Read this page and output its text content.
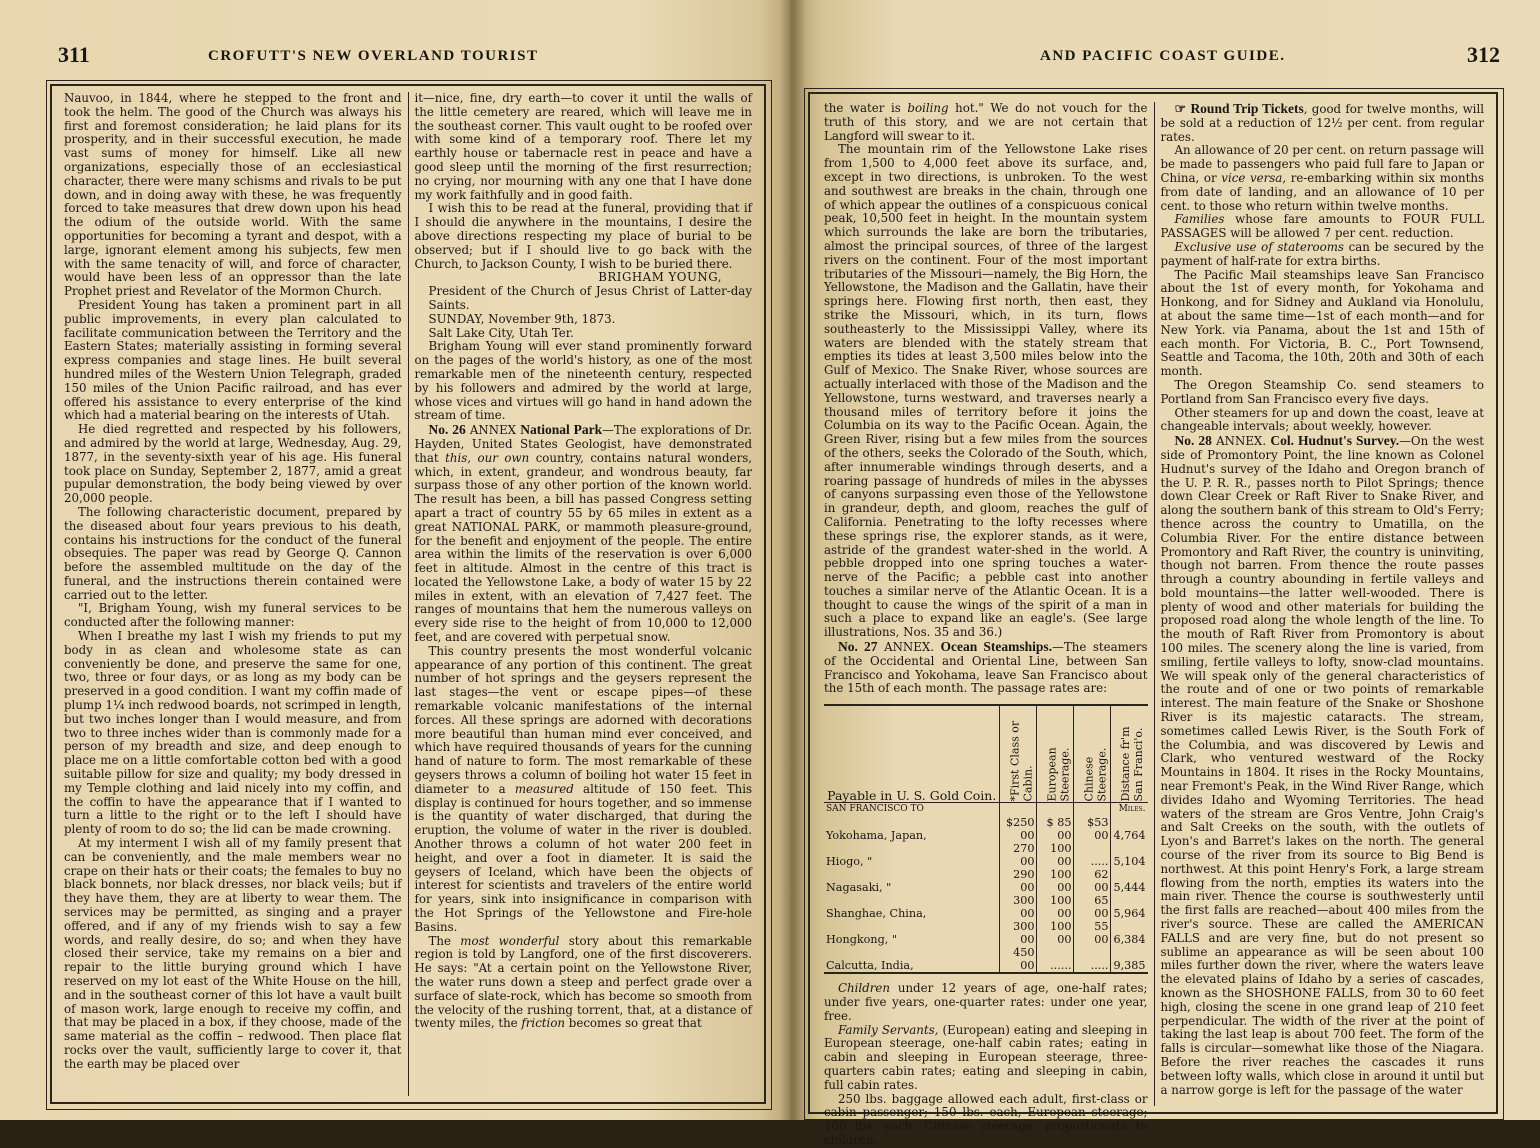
311	CROFUTT'S NEW OVERLAND TOURIST

Nauvoo, in 1844, where he stepped to the front and took the helm. The good of the Church was always his first and foremost consideration; he laid plans for its prosperity, and in their successful execution, he made vast sums of money for himself. Like all new organizations, especially those of an ecclesiastical character, there were many schisms and rivals to be put down, and in doing away with these, he was frequently forced to take measures that drew down upon his head the odium of the outside world. With the same opportunities for becoming a tyrant and despot, with a large, ignorant element among his subjects, few men with the same tenacity of will, and force of character, would have been less of an oppressor than the late Prophet priest and Revelator of the Mormon Church.

President Young has taken a prominent part in all public improvements, in every plan calculated to facilitate communication between the Territory and the Eastern States; materially assisting in forming several express companies and stage lines. He built several hundred miles of the Western Union Telegraph, graded 150 miles of the Union Pacific railroad, and has ever offered his assistance to every enterprise of the kind which had a material bearing on the interests of Utah.

He died regretted and respected by his followers, and admired by the world at large, Wednesday, Aug. 29, 1877, in the seventy-sixth year of his age. His funeral took place on Sunday, September 2, 1877, amid a great pupular demonstration, the body being viewed by over 20,000 people.

The following characteristic document, prepared by the diseased about four years previous to his death, contains his instructions for the conduct of the funeral obsequies. The paper was read by George Q. Cannon before the assembled multitude on the day of the funeral, and the instructions therein contained were carried out to the letter.

"I, Brigham Young, wish my funeral services to be conducted after the following manner:

When I breathe my last I wish my friends to put my body in as clean and wholesome state as can conveniently be done, and preserve the same for one, two, three or four days, or as long as my body can be preserved in a good condition. I want my coffin made of plump 1¼ inch redwood boards, not scrimped in length, but two inches longer than I would measure, and from two to three inches wider than is commonly made for a person of my breadth and size, and deep enough to place me on a little comfortable cotton bed with a good suitable pillow for size and quality; my body dressed in my Temple clothing and laid nicely into my coffin, and the coffin to have the appearance that if I wanted to turn a little to the right or to the left I should have plenty of room to do so; the lid can be made crowning.

At my interment I wish all of my family present that can be conveniently, and the male members wear no crape on their hats or their coats; the females to buy no black bonnets, nor black dresses, nor black veils; but if they have them, they are at liberty to wear them. The services may be permitted, as singing and a prayer offered, and if any of my friends wish to say a few words, and really desire, do so; and when they have closed their service, take my remains on a bier and repair to the little burying ground which I have reserved on my lot east of the White House on the hill, and in the southeast corner of this lot have a vault built of mason work, large enough to receive my coffin, and that may be placed in a box, if they choose, made of the same material as the coffin – redwood. Then place flat rocks over the vault, sufficiently large to cover it, that the earth may be placed over

it—nice, fine, dry earth—to cover it until the walls of the little cemetery are reared, which will leave me in the southeast corner. This vault ought to be roofed over with some kind of a temporary roof. There let my earthly house or tabernacle rest in peace and have a good sleep until the morning of the first resurrection; no crying, nor mourning with any one that I have done my work faithfully and in good faith.

I wish this to be read at the funeral, providing that if I should die anywhere in the mountains, I desire the above directions respecting my place of burial to be observed; but if I should live to go back with the Church, to Jackson County, I wish to be buried there.

BRIGHAM YOUNG,

President of the Church of Jesus Christ of Latter-day Saints.

SUNDAY, November 9th, 1873.

Salt Lake City, Utah Ter.

Brigham Young will ever stand prominently forward on the pages of the world's history, as one of the most remarkable men of the nineteenth century, respected by his followers and admired by the world at large, whose vices and virtues will go hand in hand adown the stream of time.

No. 26 ANNEX National Park—The explorations of Dr. Hayden, United States Geologist, have demonstrated that this, our own country, contains natural wonders, which, in extent, grandeur, and wondrous beauty, far surpass those of any other portion of the known world. The result has been, a bill has passed Congress setting apart a tract of country 55 by 65 miles in extent as a great NATIONAL PARK, or mammoth pleasure-ground, for the benefit and enjoyment of the people. The entire area within the limits of the reservation is over 6,000 feet in altitude. Almost in the centre of this tract is located the Yellowstone Lake, a body of water 15 by 22 miles in extent, with an elevation of 7,427 feet. The ranges of mountains that hem the numerous valleys on every side rise to the height of from 10,000 to 12,000 feet, and are covered with perpetual snow.

This country presents the most wonderful volcanic appearance of any portion of this continent. The great number of hot springs and the geysers represent the last stages—the vent or escape pipes—of these remarkable volcanic manifestations of the internal forces. All these springs are adorned with decorations more beautiful than human mind ever conceived, and which have required thousands of years for the cunning hand of nature to form. The most remarkable of these geysers throws a column of boiling hot water 15 feet in diameter to a measured altitude of 150 feet. This display is continued for hours together, and so immense is the quantity of water discharged, that during the eruption, the volume of water in the river is doubled. Another throws a column of hot water 200 feet in height, and over a foot in diameter. It is said the geysers of Iceland, which have been the objects of interest for scientists and travelers of the entire world for years, sink into insignificance in comparison with the Hot Springs of the Yellowstone and Fire-hole Basins.

The most wonderful story about this remarkable region is told by Langford, one of the first discoverers. He says: "At a certain point on the Yellowstone River, the water runs down a steep and perfect grade over a surface of slate-rock, which has become so smooth from the velocity of the rushing torrent, that, at a distance of twenty miles, the friction becomes so great that

AND PACIFIC COAST GUIDE.	312

the water is boiling hot." We do not vouch for the truth of this story, and we are not certain that Langford will swear to it.

The mountain rim of the Yellowstone Lake rises from 1,500 to 4,000 feet above its surface, and, except in two directions, is unbroken. To the west and southwest are breaks in the chain, through one of which appear the outlines of a conspicuous conical peak, 10,500 feet in height. In the mountain system which surrounds the lake are born the tributaries, almost the principal sources, of three of the largest rivers on the continent. Four of the most important tributaries of the Missouri—namely, the Big Horn, the Yellowstone, the Madison and the Gallatin, have their springs here. Flowing first north, then east, they strike the Missouri, which, in its turn, flows southeasterly to the Mississippi Valley, where its waters are blended with the stately stream that empties its tides at least 3,500 miles below into the Gulf of Mexico. The Snake River, whose sources are actually interlaced with those of the Madison and the Yellowstone, turns westward, and traverses nearly a thousand miles of territory before it joins the Columbia on its way to the Pacific Ocean. Again, the Green River, rising but a few miles from the sources of the others, seeks the Colorado of the South, which, after innumerable windings through deserts, and a roaring passage of hundreds of miles in the abysses of canyons surpassing even those of the Yellowstone in grandeur, depth, and gloom, reaches the gulf of California. Penetrating to the lofty recesses where these springs rise, the explorer stands, as it were, astride of the grandest water-shed in the world. A pebble dropped into one spring touches a water-nerve of the Pacific; a pebble cast into another touches a similar nerve of the Atlantic Ocean. It is a thought to cause the wings of the spirit of a man in such a place to expand like an eagle's. (See large illustrations, Nos. 35 and 36.)

No. 27 ANNEX. Ocean Steamships.—The steamers of the Occidental and Oriental Line, between San Francisco and Yokohama, leave San Francisco about the 15th of each month. The passage rates are:

Payable in U. S. Gold Coin.	*First Class or Cabin.	European Steerage.	Chinese Steerage.	Distance fr'm San Franci'o.
SAN FRANCISCO TO				Miles.
Yokohama, Japan,	$250 00	$ 85 00	$53 00	4,764
Hiogo, "	270 00	100 00	.....	5,104
Nagasaki, "	290 00	100 00	62 00	5,444
Shanghae, China,	300 00	100 00	65 00	5,964
Hongkong, "	300 00	100 00	55 00	6,384
Calcutta, India,	450 00	......	.....	9,385

Children under 12 years of age, one-half rates; under five years, one-quarter rates: under one year, free.

Family Servants, (European) eating and sleeping in European steerage, one-half cabin rates; eating in cabin and sleeping in European steerage, three-quarters cabin rates; eating and sleeping in cabin, full cabin rates.

250 lbs. baggage allowed each adult, first-class or cabin passenger; 150 lbs. each, European steerage; 100 lbs. each, Chinese steerage: proportionate to children.

☞ Round Trip Tickets, good for twelve months, will be sold at a reduction of 12½ per cent. from regular rates.

An allowance of 20 per cent. on return passage will be made to passengers who paid full fare to Japan or China, or vice versa, re-embarking within six months from date of landing, and an allowance of 10 per cent. to those who return within twelve months.

Families whose fare amounts to FOUR FULL PASSAGES will be allowed 7 per cent. reduction.

Exclusive use of staterooms can be secured by the payment of half-rate for extra births.

The Pacific Mail steamships leave San Francisco about the 1st of every month, for Yokohama and Honkong, and for Sidney and Aukland via Honolulu, at about the same time—1st of each month—and for New York. via Panama, about the 1st and 15th of each month. For Victoria, B. C., Port Townsend, Seattle and Tacoma, the 10th, 20th and 30th of each month.

The Oregon Steamship Co. send steamers to Portland from San Francisco every five days.

Other steamers for up and down the coast, leave at changeable intervals; about weekly, however.

No. 28 ANNEX. Col. Hudnut's Survey.—On the west side of Promontory Point, the line known as Colonel Hudnut's survey of the Idaho and Oregon branch of the U. P. R. R., passes north to Pilot Springs; thence down Clear Creek or Raft River to Snake River, and along the southern bank of this stream to Old's Ferry; thence across the country to Umatilla, on the Columbia River. For the entire distance between Promontory and Raft River, the country is uninviting, though not barren. From thence the route passes through a country abounding in fertile valleys and bold mountains—the latter well-wooded. There is plenty of wood and other materials for building the proposed road along the whole length of the line. To the mouth of Raft River from Promontory is about 100 miles. The scenery along the line is varied, from smiling, fertile valleys to lofty, snow-clad mountains. We will speak only of the general characteristics of the route and of one or two points of remarkable interest. The main feature of the Snake or Shoshone River is its majestic cataracts. The stream, sometimes called Lewis River, is the South Fork of the Columbia, and was discovered by Lewis and Clark, who ventured westward of the Rocky Mountains in 1804. It rises in the Rocky Mountains, near Fremont's Peak, in the Wind River Range, which divides Idaho and Wyoming Territories. The head waters of the stream are Gros Ventre, John Craig's and Salt Creeks on the south, with the outlets of Lyon's and Barret's lakes on the north. The general course of the river from its source to Big Bend is northwest. At this point Henry's Fork, a large stream flowing from the north, empties its waters into the main river. Thence the course is southwesterly until the first falls are reached—about 400 miles from the river's source. These are called the AMERICAN FALLS and are very fine, but do not present so sublime an appearance as will be seen about 100 miles further down the river, where the waters leave the elevated plains of Idaho by a series of cascades, known as the SHOSHONE FALLS, from 30 to 60 feet high, closing the scene in one grand leap of 210 feet perpendicular. The width of the river at the point of taking the last leap is about 700 feet. The form of the falls is circular—somewhat like those of the Niagara. Before the river reaches the cascades it runs between lofty walls, which close in around it until but a narrow gorge is left for the passage of the water
